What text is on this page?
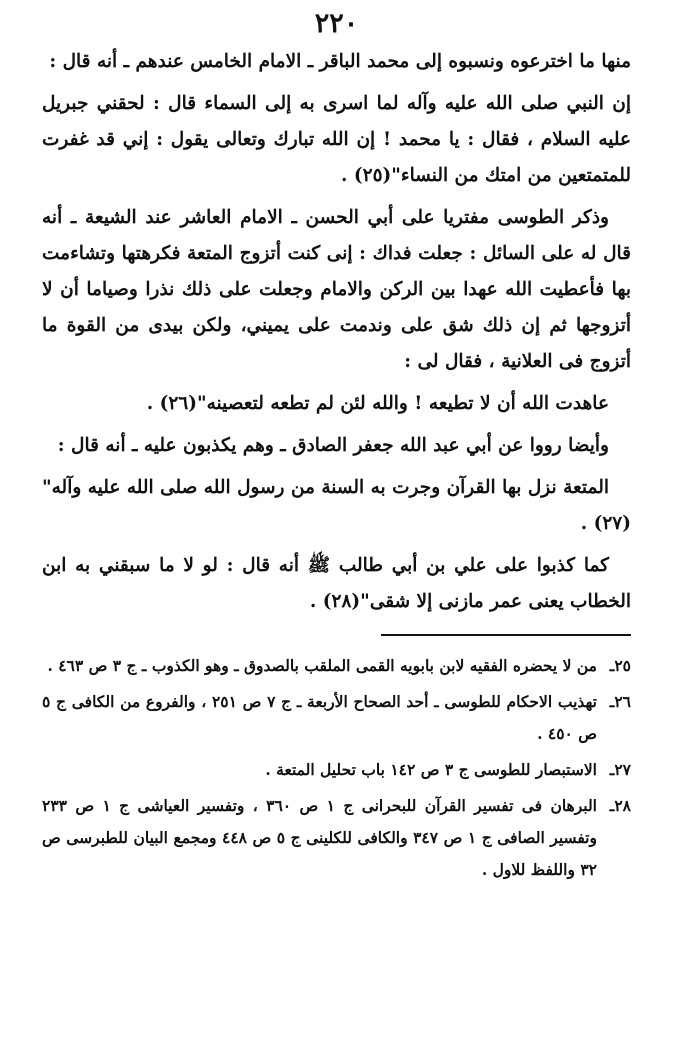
٢٢٠

منها ما اخترعوه ونسبوه إلى محمد الباقر ـ الامام الخامس عندهم ـ أنه قال :

إن النبي صلى الله عليه وآله لما اسرى به إلى السماء قال : لحقني جبريل عليه السلام ، فقال : يا محمد ! إن الله تبارك وتعالى يقول : إني قد غفرت للمتمتعين من امتك من النساء"(٢٥) .

وذكر الطوسى مفتريا على أبي الحسن ـ الامام العاشر عند الشيعة ـ أنه قال له على السائل : جعلت فداك : إنى كنت أتزوج المتعة فكرهتها وتشاءمت بها فأعطيت الله عهدا بين الركن والامام وجعلت على ذلك نذرا وصياما أن لا أتزوجها ثم إن ذلك شق على وندمت على يميني، ولكن بيدى من القوة ما أتزوج فى العلانية ، فقال لى :

عاهدت الله أن لا تطيعه ! والله لئن لم تطعه لتعصينه"(٢٦) .

وأيضا رووا عن أبي عبد الله جعفر الصادق ـ وهم يكذبون عليه ـ أنه قال :

المتعة نزل بها القرآن وجرت به السنة من رسول الله صلى الله عليه وآله"(٢٧) .

كما كذبوا على علي بن أبي طالب ﷺ أنه قال : لو لا ما سبقني به ابن الخطاب يعنى عمر مازنى إلا شقى"(٢٨) .

٢٥ـ
من لا يحضره الفقيه لابن بابويه القمى الملقب بالصدوق ـ وهو الكذوب ـ ج ٣ ص ٤٦٣ .
٢٦ـ
تهذيب الاحكام للطوسى ـ أحد الصحاح الأربعة ـ ج ٧ ص ٢٥١ ، والفروع من الكافى ج ٥ ص ٤٥٠ .
٢٧ـ
الاستبصار للطوسى ج ٣ ص ١٤٢ باب تحليل المتعة .
٢٨ـ
البرهان فى تفسير القرآن للبحرانى ج ١ ص ٣٦٠ ، وتفسير العياشى ج ١ ص ٢٣٣ وتفسير الصافى ج ١ ص ٣٤٧ والكافى للكلينى ج ٥ ص ٤٤٨ ومجمع البيان للطبرسى ص ٣٢ واللفظ للاول .
